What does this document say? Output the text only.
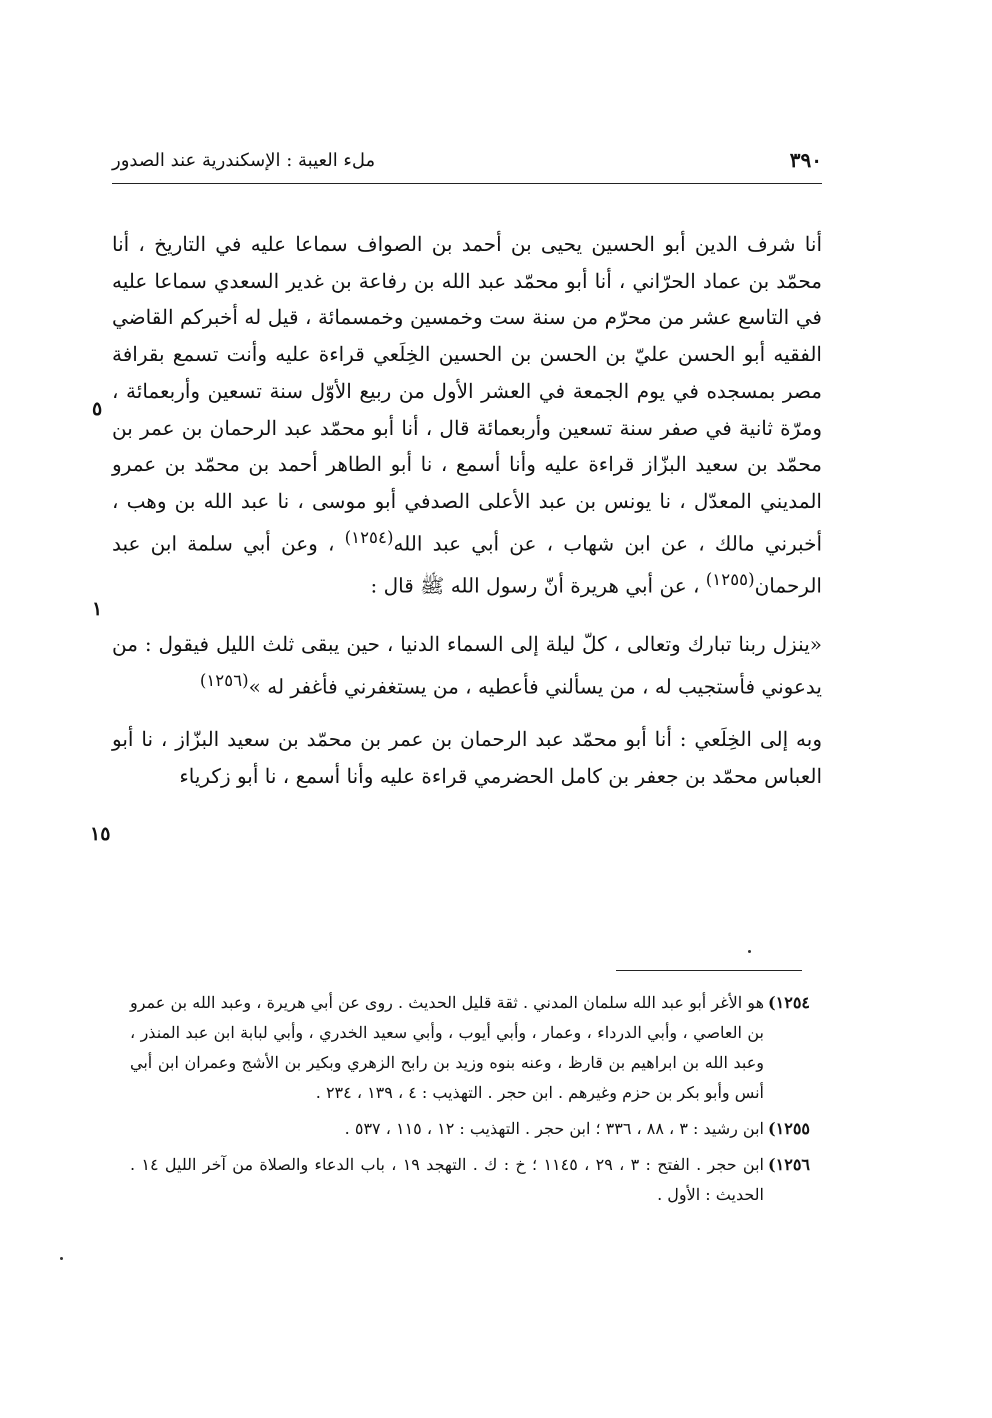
٣٩٠
ملء العيبة : الإسكندرية عند الصدور

أنا شرف الدين أبو الحسين يحيى بن أحمد بن الصواف سماعا عليه في التاريخ ، أنا محمّد بن عماد الحرّاني ، أنا أبو محمّد عبد الله بن رفاعة بن غدير السعدي سماعا عليه في التاسع عشر من محرّم من سنة ست وخمسين وخمسمائة ، قيل له أخبركم القاضي الفقيه أبو الحسن عليّ بن الحسن بن الحسين الخِلَعي قراءة عليه وأنت تسمع بقرافة مصر بمسجده في يوم الجمعة في العشر الأول من ربيع الأوّل سنة تسعين وأربعمائة ، ومرّة ثانية في صفر سنة تسعين وأربعمائة قال ، أنا أبو محمّد عبد الرحمان بن عمر بن محمّد بن سعيد البزّاز قراءة عليه وأنا أسمع ، نا أبو الطاهر أحمد بن محمّد بن عمرو المديني المعدّل ، نا يونس بن عبد الأعلى الصدفي أبو موسى ، نا عبد الله بن وهب ، أخبرني مالك ، عن ابن شهاب ، عن أبي عبد الله$^{(١٢٥٤)}$ ، وعن أبي سلمة ابن عبد الرحمان$^{(١٢٥٥)}$ ، عن أبي هريرة أنّ رسول الله ﷺ قال :

«ينزل ربنا تبارك وتعالى ، كلّ ليلة إلى السماء الدنيا ، حين يبقى ثلث الليل فيقول : من يدعوني فأستجيب له ، من يسألني فأعطيه ، من يستغفرني فأغفر له »$^{(١٢٥٦)}$

وبه إلى الخِلَعي : أنا أبو محمّد عبد الرحمان بن عمر بن محمّد بن سعيد البزّاز ، نا أبو العباس محمّد بن جعفر بن كامل الحضرمي قراءة عليه وأنا أسمع ، نا أبو زكرياء

٥
١
١٥
١٢٥٤)
هو الأغر أبو عبد الله سلمان المدني . ثقة قليل الحديث . روى عن أبي هريرة ، وعبد الله بن عمرو بن العاصي ، وأبي الدرداء ، وعمار ، وأبي أيوب ، وأبي سعيد الخدري ، وأبي لبابة ابن عبد المنذر ، وعبد الله بن ابراهيم بن قارظ ، وعنه بنوه وزيد بن رابح الزهري وبكير بن الأشج وعمران ابن أبي أنس وأبو بكر بن حزم وغيرهم . ابن حجر . التهذيب : ٤ ، ١٣٩ ، ٢٣٤ .
١٢٥٥)
ابن رشيد : ٣ ، ٨٨ ، ٣٣٦ ؛ ابن حجر . التهذيب : ١٢ ، ١١٥ ، ٥٣٧ .
١٢٥٦)
ابن حجر . الفتح : ٣ ، ٢٩ ، ١١٤٥ ؛ خ : ك . التهجد ١٩ ، باب الدعاء والصلاة من آخر الليل ١٤ . الحديث : الأول .
